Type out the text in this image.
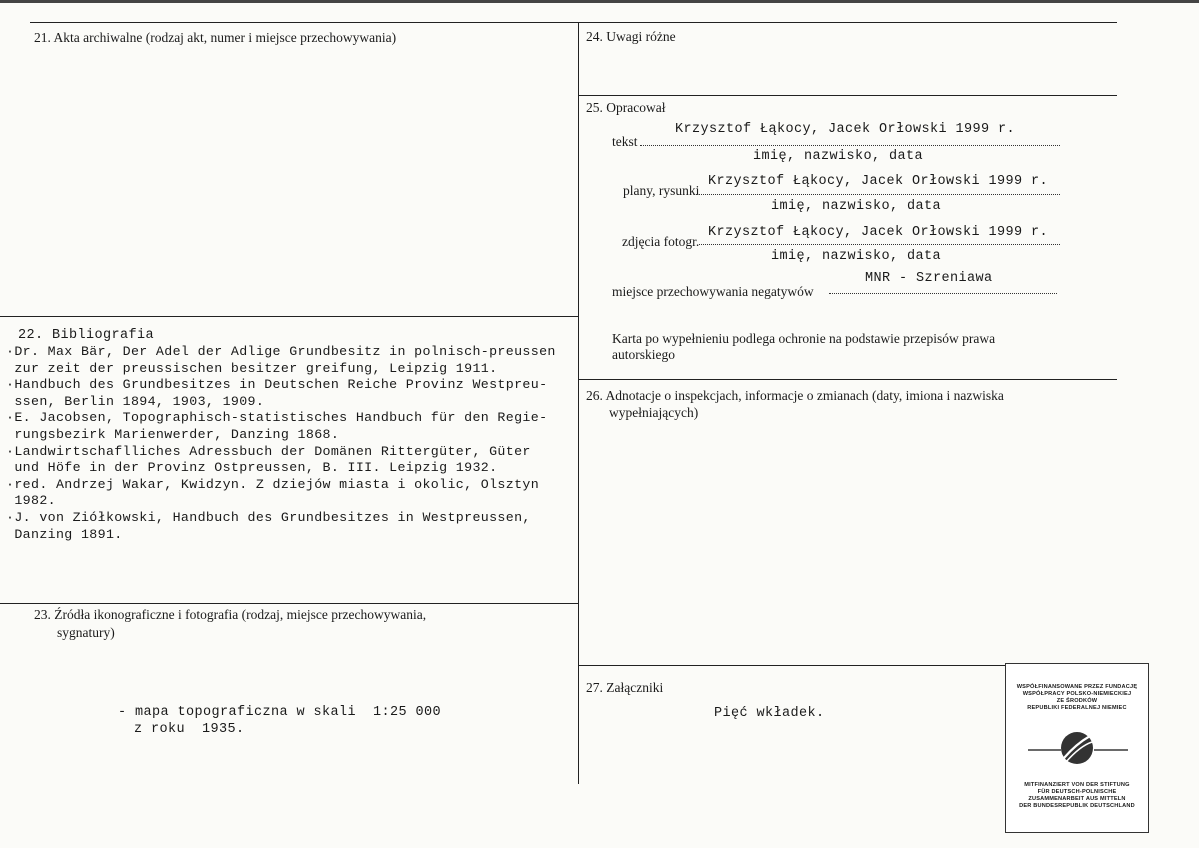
21. Akta archiwalne (rodzaj akt, numer i miejsce przechowywania)
22. Bibliografia
·Dr. Max Bär, Der Adel der Adlige Grundbesitz in polnisch-preussen
zur zeit der preussischen besitzer greifung, Leipzig 1911.
·Handbuch des Grundbesitzes in Deutschen Reiche Provinz Westpreu-
ssen, Berlin 1894, 1903, 1909.
·E. Jacobsen, Topographisch-statistisches Handbuch für den Regie-
rungsbezirk Marienwerder, Danzing 1868.
·Landwirtschaflliches Adressbuch der Domänen Rittergüter, Güter
und Höfe in der Provinz Ostpreussen, B. III. Leipzig 1932.
·red. Andrzej Wakar, Kwidzyn. Z dziejów miasta i okolic, Olsztyn
1982.
·J. von Ziółkowski, Handbuch des Grundbesitzes in Westpreussen,
Danzing 1891.
23. Źródła ikonograficzne i fotografia (rodzaj, miejsce przechowywania,
sygnatury)
- mapa topograficzna w skali  1:25 000
z roku  1935.
24. Uwagi różne
25. Opracował
tekst
Krzysztof Łąkocy, Jacek Orłowski 1999 r.
imię, nazwisko, data
plany, rysunki
Krzysztof Łąkocy, Jacek Orłowski 1999 r.
imię, nazwisko, data
zdjęcia fotogr.
Krzysztof Łąkocy, Jacek Orłowski 1999 r.
imię, nazwisko, data
miejsce przechowywania negatywów
MNR - Szreniawa
Karta po wypełnieniu podlega ochronie na podstawie przepisów prawa
autorskiego
26. Adnotacje o inspekcjach, informacje o zmianach (daty, imiona i nazwiska
wypełniających)
27. Załączniki
Pięć wkładek.
WSPÓŁFINANSOWANE PRZEZ FUNDACJĘ
WSPÓŁPRACY POLSKO-NIEMIECKIEJ
ZE ŚRODKÓW
REPUBLIKI FEDERALNEJ NIEMIEC
MITFINANZIERT VON DER STIFTUNG
FÜR DEUTSCH-POLNISCHE
ZUSAMMENARBEIT AUS MITTELN
DER BUNDESREPUBLIK DEUTSCHLAND
